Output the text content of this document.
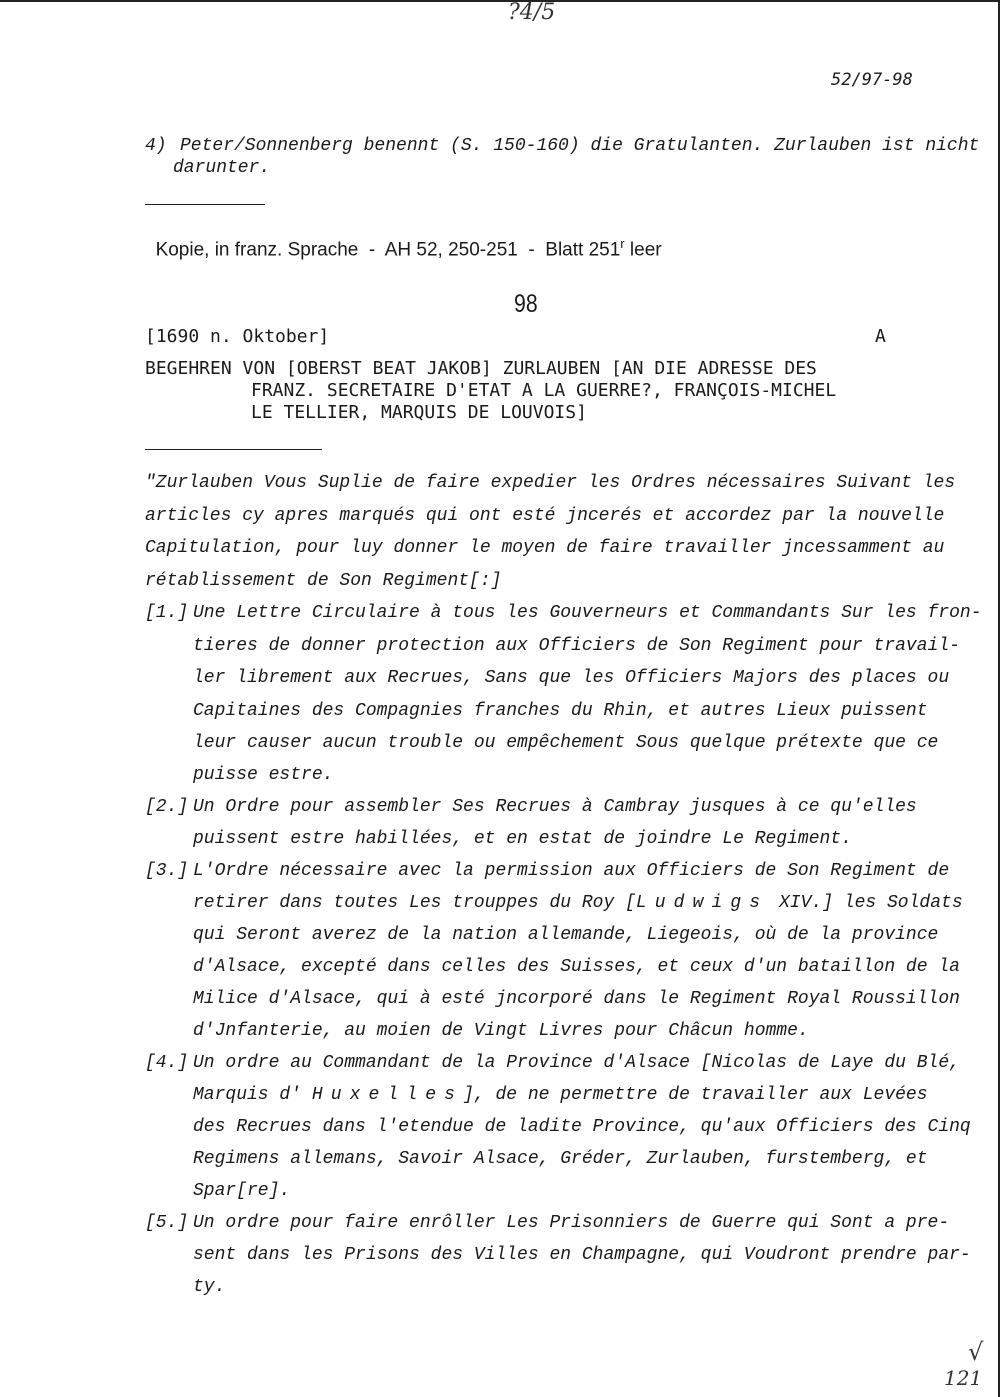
?4/5
52/97-98
4) Peter/Sonnenberg benennt (S. 150-160) die Gratulanten. Zurlauben ist nicht
darunter.

Kopie, in franz. Sprache  -  AH 52, 250-251  -  Blatt 251$^r$ leer

98
[1690 n. Oktober]	A
BEGEHREN VON [OBERST BEAT JAKOB] ZURLAUBEN [AN DIE ADRESSE DES
FRANZ. SECRETAIRE D'ETAT A LA GUERRE?, FRANÇOIS-MICHEL
LE TELLIER, MARQUIS DE LOUVOIS]
"Zurlauben Vous Suplie de faire expedier les Ordres nécessaires Suivant les
articles cy apres marqués qui ont esté jncerés et accordez par la nouvelle
Capitulation, pour luy donner le moyen de faire travailler jncessamment au
rétablissement de Son Regiment[:]
[1.] Une Lettre Circulaire à tous les Gouverneurs et Commandants Sur les fron-
tieres de donner protection aux Officiers de Son Regiment pour travail-
ler librement aux Recrues, Sans que les Officiers Majors des places ou
Capitaines des Compagnies franches du Rhin, et autres Lieux puissent
leur causer aucun trouble ou empêchement Sous quelque prétexte que ce
puisse estre.
[2.] Un Ordre pour assembler Ses Recrues à Cambray jusques à ce qu'elles
puissent estre habillées, et en estat de joindre Le Regiment.
[3.] L'Ordre nécessaire avec la permission aux Officiers de Son Regiment de
retirer dans toutes Les trouppes du Roy [Ludwigs XIV.] les Soldats
qui Seront averez de la nation allemande, Liegeois, où de la province
d'Alsace, excepté dans celles des Suisses, et ceux d'un bataillon de la
Milice d'Alsace, qui à esté jncorporé dans le Regiment Royal Roussillon
d'Jnfanterie, au moien de Vingt Livres pour Châcun homme.
[4.] Un ordre au Commandant de la Province d'Alsace [Nicolas de Laye du Blé,
Marquis d' Huxelles], de ne permettre de travailler aux Levées
des Recrues dans l'etendue de ladite Province, qu'aux Officiers des Cinq
Regimens allemans, Savoir Alsace, Gréder, Zurlauben, furstemberg, et
Spar[re].
[5.] Un ordre pour faire enrôller Les Prisonniers de Guerre qui Sont a pre-
sent dans les Prisons des Villes en Champagne, qui Voudront prendre par-
ty.
√
121
